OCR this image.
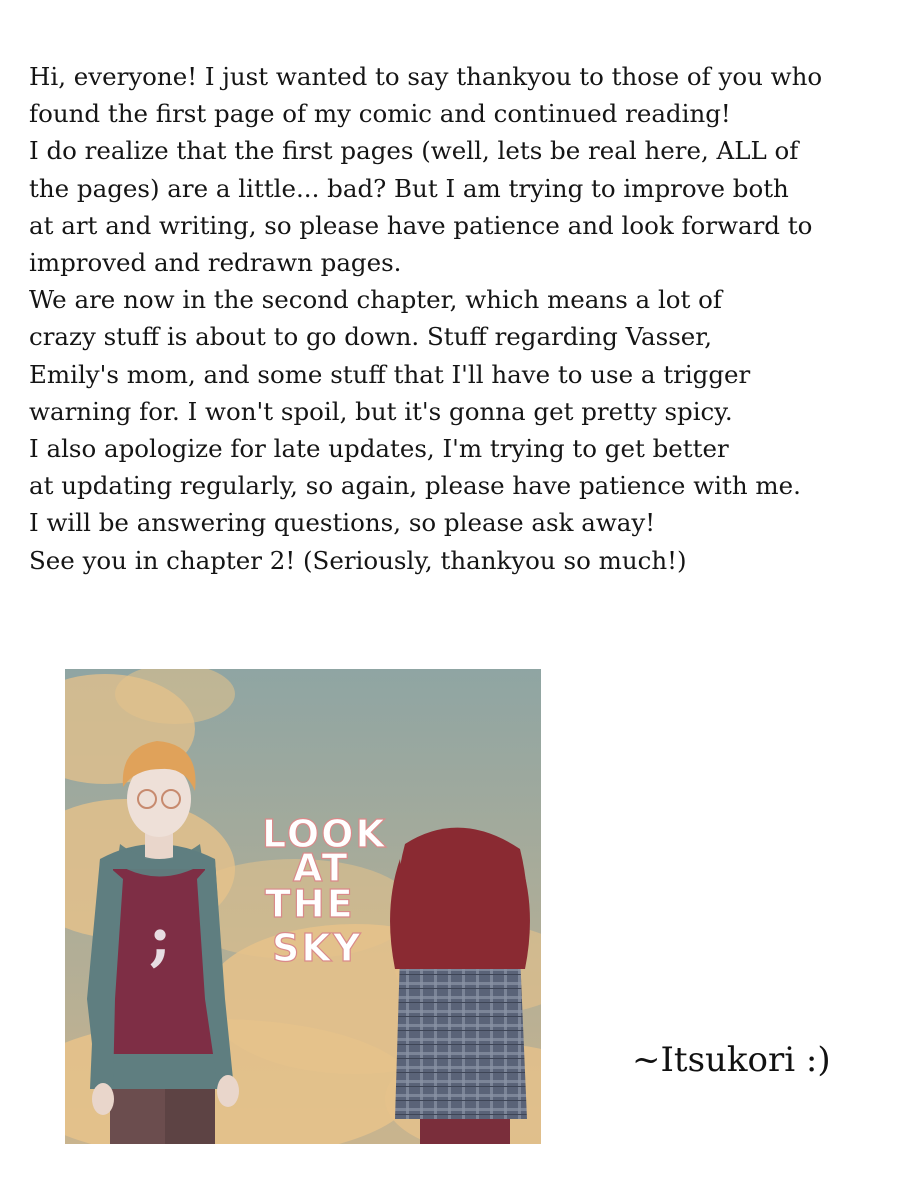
Hi, everyone! I just wanted to say thankyou to those of you who
found the first page of my comic and continued reading!
I do realize that the first pages (well, lets be real here, ALL of
the pages) are a little... bad? But I am trying to improve both
at art and writing, so please have patience and look forward to
improved and redrawn pages.
We are now in the second chapter, which means a lot of
crazy stuff is about to go down. Stuff regarding Vasser,
Emily's mom, and some stuff that I'll have to use a trigger
warning for. I won't spoil, but it's gonna get pretty spicy.
I also apologize for late updates, I'm trying to get better
at updating regularly, so again, please have patience with me.
I will be answering questions, so please ask away!
See you in chapter 2! (Seriously, thankyou so much!)
;
LOOK
AT
THE
SKY
~Itsukori :)
